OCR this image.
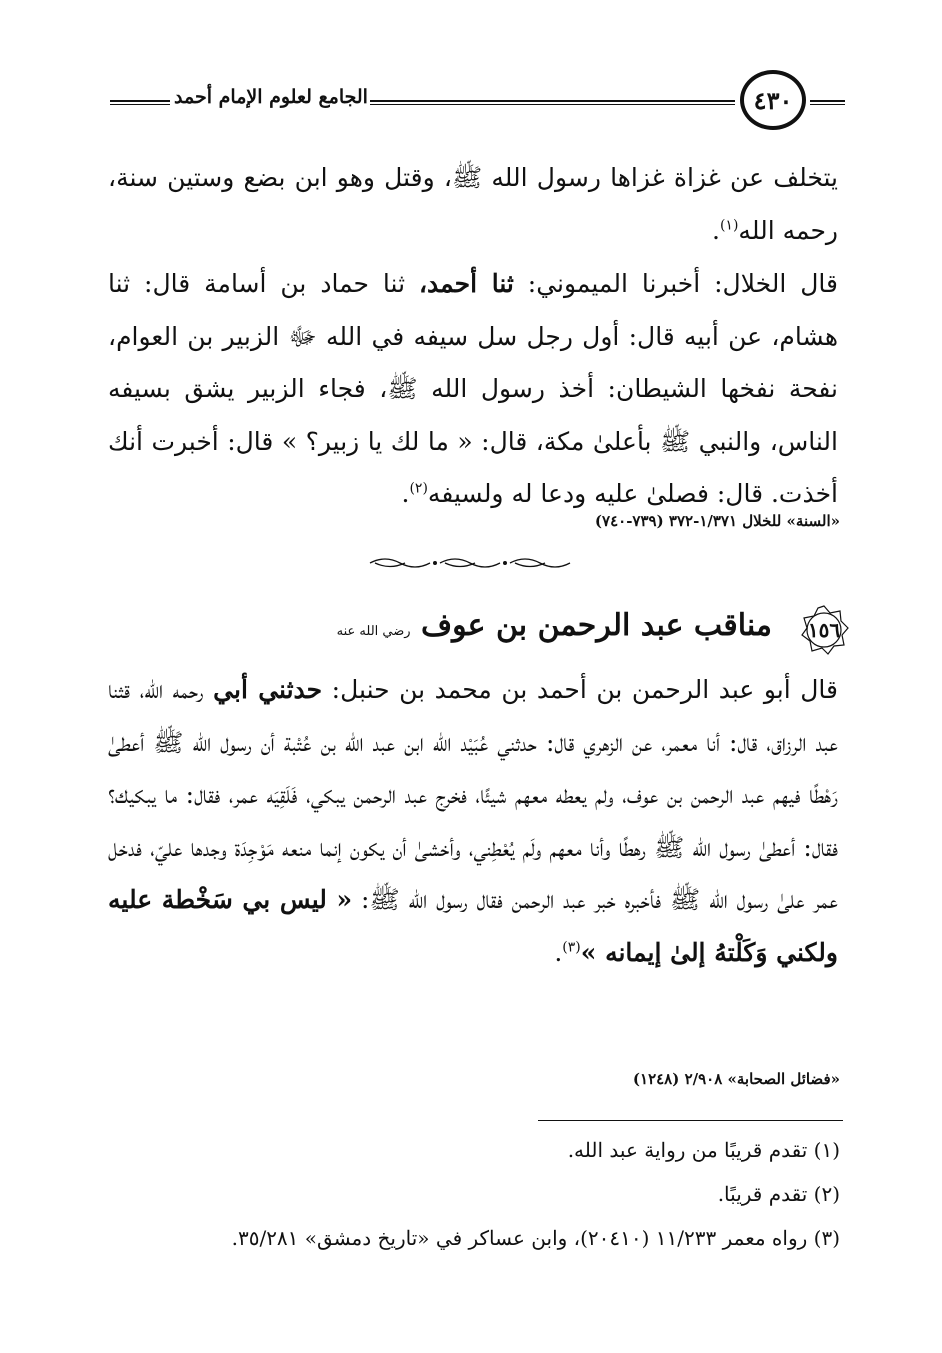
الجامع لعلوم الإمام أحمد	٤٣٠

يتخلف عن غزاة غزاها رسول الله ﷺ، وقتل وهو ابن بضع وستين سنة، رحمه الله$^{(١)}$.

قال الخلال: أخبرنا الميموني: ثنا أحمد، ثنا حماد بن أسامة قال: ثنا هشام، عن أبيه قال: أول رجل سل سيفه في الله ﷻ الزبير بن العوام، نفحة نفخها الشيطان: أخذ رسول الله ﷺ، فجاء الزبير يشق بسيفه الناس، والنبي ﷺ بأعلىٰ مكة، قال: « ما لك يا زبير؟ » قال: أخبرت أنك أخذت. قال: فصلىٰ عليه ودعا له ولسيفه$^{(٢)}$.

«السنة» للخلال ١/٣٧١-٣٧٢ (٧٣٩-٧٤٠)

١٥٦
مناقب عبد الرحمن بن عوف رضي الله عنه

قال أبو عبد الرحمن بن أحمد بن محمد بن حنبل: حدثني أبي رحمه الله، قثنا عبد الرزاق، قال: أنا معمر، عن الزهري قال: حدثني عُبَيْد الله ابن عبد الله بن عُتْبة أن رسول الله ﷺ أعطىٰ رَهْطًا فيهم عبد الرحمن بن عوف، ولم يعطه معهم شيئًا، فخرج عبد الرحمن يبكي، فَلَقِيَه عمر، فقال: ما يبكيك؟ فقال: أعطىٰ رسول الله ﷺ رهطًا وأنا معهم ولَم يُعْطِني، وأخشىٰ أن يكون إنما منعه مَوْجِدَة وجدها عليّ، فدخل عمر علىٰ رسول الله ﷺ فأخبره خبر عبد الرحمن فقال رسول الله ﷺ: « ليس بي سَخْطة عليه ولكني وَكَلْتهُ إلىٰ إيمانه »$^{(٣)}$.

«فضائل الصحابة» ٢/٩٠٨ (١٢٤٨)

(١) تقدم قريبًا من رواية عبد الله.

(٢) تقدم قريبًا.

(٣) رواه معمر ١١/٢٣٣ (٢٠٤١٠)، وابن عساكر في «تاريخ دمشق» ٣٥/٢٨١.
